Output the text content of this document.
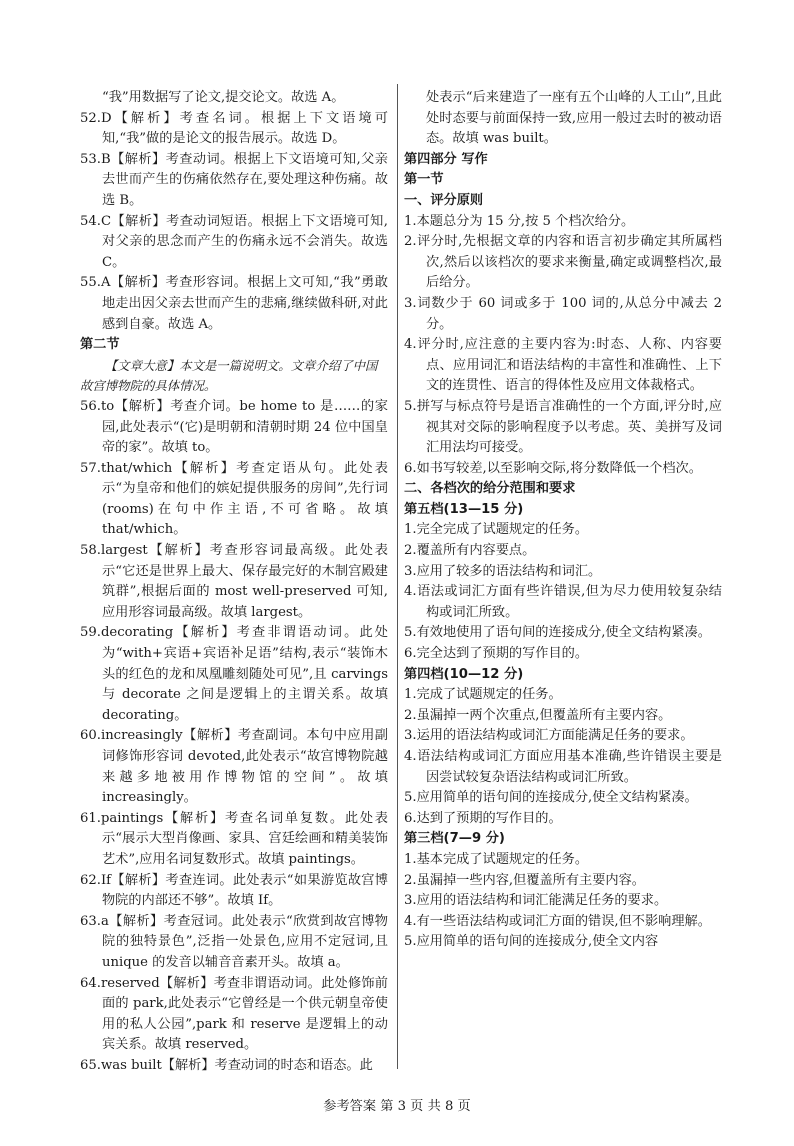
“我”用数据写了论文,提交论文。故选 A。

52.D【解析】考查名词。根据上下文语境可知,“我”做的是论文的报告展示。故选 D。

53.B【解析】考查动词。根据上下文语境可知,父亲去世而产生的伤痛依然存在,要处理这种伤痛。故选 B。

54.C【解析】考查动词短语。根据上下文语境可知,对父亲的思念而产生的伤痛永远不会消失。故选 C。

55.A【解析】考查形容词。根据上文可知,“我”勇敢地走出因父亲去世而产生的悲痛,继续做科研,对此感到自豪。故选 A。

第二节

【文章大意】本文是一篇说明文。文章介绍了中国故宫博物院的具体情况。

56.to【解析】考查介词。be home to 是……的家园,此处表示“(它)是明朝和清朝时期 24 位中国皇帝的家”。故填 to。

57.that/which【解析】考查定语从句。此处表示“为皇帝和他们的嫔妃提供服务的房间”,先行词(rooms)在句中作主语,不可省略。故填 that/which。

58.largest【解析】考查形容词最高级。此处表示“它还是世界上最大、保存最完好的木制宫殿建筑群”,根据后面的 most well-preserved 可知,应用形容词最高级。故填 largest。

59.decorating【解析】考查非谓语动词。此处为“with+宾语+宾语补足语”结构,表示“装饰木头的红色的龙和凤凰雕刻随处可见”,且 carvings 与 decorate 之间是逻辑上的主谓关系。故填 decorating。

60.increasingly【解析】考查副词。本句中应用副词修饰形容词 devoted,此处表示“故宫博物院越来越多地被用作博物馆的空间”。故填 increasingly。

61.paintings【解析】考查名词单复数。此处表示“展示大型肖像画、家具、宫廷绘画和精美装饰艺术”,应用名词复数形式。故填 paintings。

62.If【解析】考查连词。此处表示“如果游览故宫博物院的内部还不够”。故填 If。

63.a【解析】考查冠词。此处表示“欣赏到故宫博物院的独特景色”,泛指一处景色,应用不定冠词,且 unique 的发音以辅音音素开头。故填 a。

64.reserved【解析】考查非谓语动词。此处修饰前面的 park,此处表示“它曾经是一个供元朝皇帝使用的私人公园”,park 和 reserve 是逻辑上的动宾关系。故填 reserved。

65.was built【解析】考查动词的时态和语态。此

处表示“后来建造了一座有五个山峰的人工山”,且此处时态要与前面保持一致,应用一般过去时的被动语态。故填 was built。

第四部分 写作

第一节

一、评分原则

1.本题总分为 15 分,按 5 个档次给分。

2.评分时,先根据文章的内容和语言初步确定其所属档次,然后以该档次的要求来衡量,确定或调整档次,最后给分。

3.词数少于 60 词或多于 100 词的,从总分中减去 2 分。

4.评分时,应注意的主要内容为:时态、人称、内容要点、应用词汇和语法结构的丰富性和准确性、上下文的连贯性、语言的得体性及应用文体裁格式。

5.拼写与标点符号是语言准确性的一个方面,评分时,应视其对交际的影响程度予以考虑。英、美拼写及词汇用法均可接受。

6.如书写较差,以至影响交际,将分数降低一个档次。

二、各档次的给分范围和要求

第五档(13—15 分)

1.完全完成了试题规定的任务。

2.覆盖所有内容要点。

3.应用了较多的语法结构和词汇。

4.语法或词汇方面有些许错误,但为尽力使用较复杂结构或词汇所致。

5.有效地使用了语句间的连接成分,使全文结构紧凑。

6.完全达到了预期的写作目的。

第四档(10—12 分)

1.完成了试题规定的任务。

2.虽漏掉一两个次重点,但覆盖所有主要内容。

3.运用的语法结构或词汇方面能满足任务的要求。

4.语法结构或词汇方面应用基本准确,些许错误主要是因尝试较复杂语法结构或词汇所致。

5.应用简单的语句间的连接成分,使全文结构紧凑。

6.达到了预期的写作目的。

第三档(7—9 分)

1.基本完成了试题规定的任务。

2.虽漏掉一些内容,但覆盖所有主要内容。

3.应用的语法结构和词汇能满足任务的要求。

4.有一些语法结构或词汇方面的错误,但不影响理解。

5.应用简单的语句间的连接成分,使全文内容

参考答案 第 3 页 共 8 页
